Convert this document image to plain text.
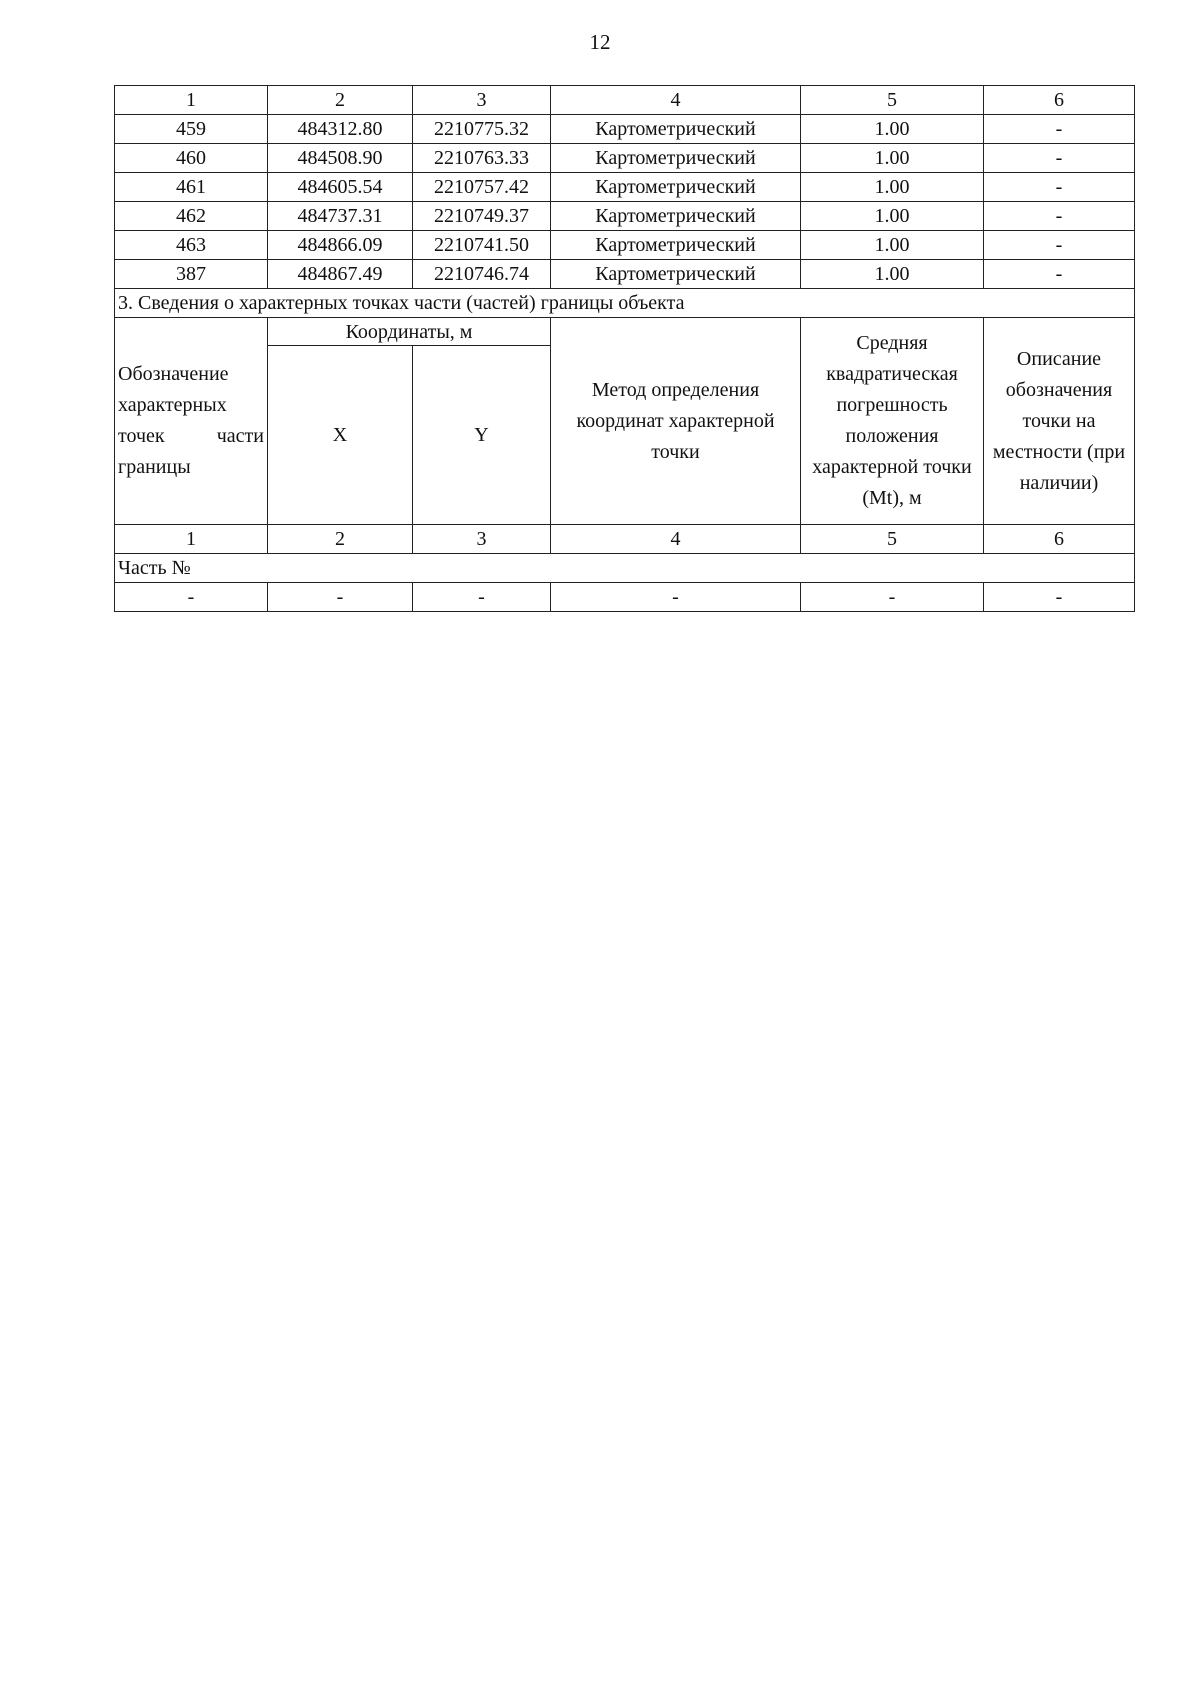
12
1	2	3	4	5	6
459	484312.80	2210775.32	Картометрический	1.00	-
460	484508.90	2210763.33	Картометрический	1.00	-
461	484605.54	2210757.42	Картометрический	1.00	-
462	484737.31	2210749.37	Картометрический	1.00	-
463	484866.09	2210741.50	Картометрический	1.00	-
387	484867.49	2210746.74	Картометрический	1.00	-
3. Сведения о характерных точках части (частей) границы объекта					
Обозначение характерных точек части границы	Координаты, м		Метод определения координат характерной точки	Средняя квадратическая погрешность положения характерной точки (Mt), м	Описание обозначения точки на местности (при наличии)
	X	Y			
1	2	3	4	5	6
Часть №					
-	-	-	-	-	-
